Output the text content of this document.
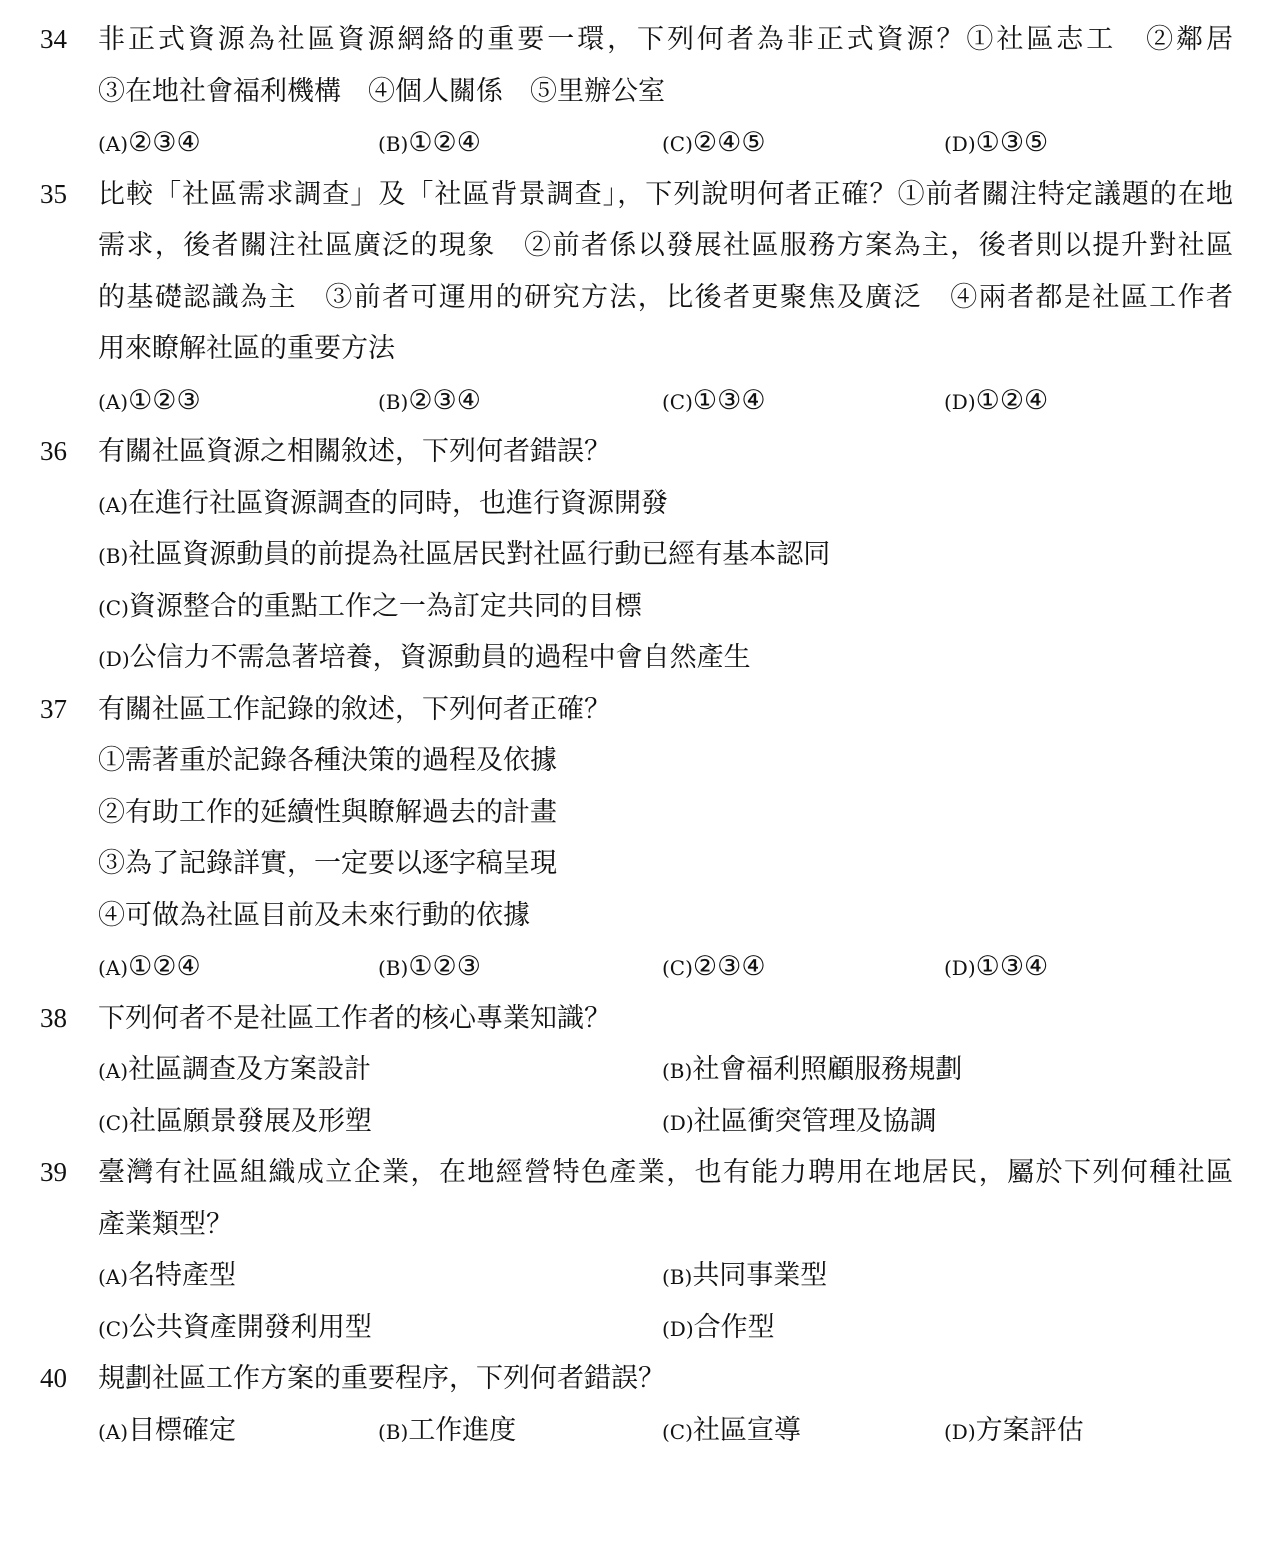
34	非正式資源為社區資源網絡的重要一環，下列何者為非正式資源？①社區志工　②鄰居
③在地社會福利機構　④個人關係　⑤里辦公室
(A)②③④	(B)①②④	(C)②④⑤	(D)①③⑤
35	比較「社區需求調查」及「社區背景調查」，下列說明何者正確？①前者關注特定議題的在地
需求，後者關注社區廣泛的現象　②前者係以發展社區服務方案為主，後者則以提升對社區
的基礎認識為主　③前者可運用的研究方法，比後者更聚焦及廣泛　④兩者都是社區工作者
用來瞭解社區的重要方法
(A)①②③	(B)②③④	(C)①③④	(D)①②④
36	有關社區資源之相關敘述，下列何者錯誤？
(A)在進行社區資源調查的同時，也進行資源開發
(B)社區資源動員的前提為社區居民對社區行動已經有基本認同
(C)資源整合的重點工作之一為訂定共同的目標
(D)公信力不需急著培養，資源動員的過程中會自然產生
37	有關社區工作記錄的敘述，下列何者正確？
①需著重於記錄各種決策的過程及依據
②有助工作的延續性與瞭解過去的計畫
③為了記錄詳實，一定要以逐字稿呈現
④可做為社區目前及未來行動的依據
(A)①②④	(B)①②③	(C)②③④	(D)①③④
38	下列何者不是社區工作者的核心專業知識？
(A)社區調查及方案設計	(B)社會福利照顧服務規劃
(C)社區願景發展及形塑	(D)社區衝突管理及協調
39	臺灣有社區組織成立企業，在地經營特色產業，也有能力聘用在地居民，屬於下列何種社區
產業類型？
(A)名特產型	(B)共同事業型
(C)公共資產開發利用型	(D)合作型
40	規劃社區工作方案的重要程序，下列何者錯誤？
(A)目標確定	(B)工作進度	(C)社區宣導	(D)方案評估
